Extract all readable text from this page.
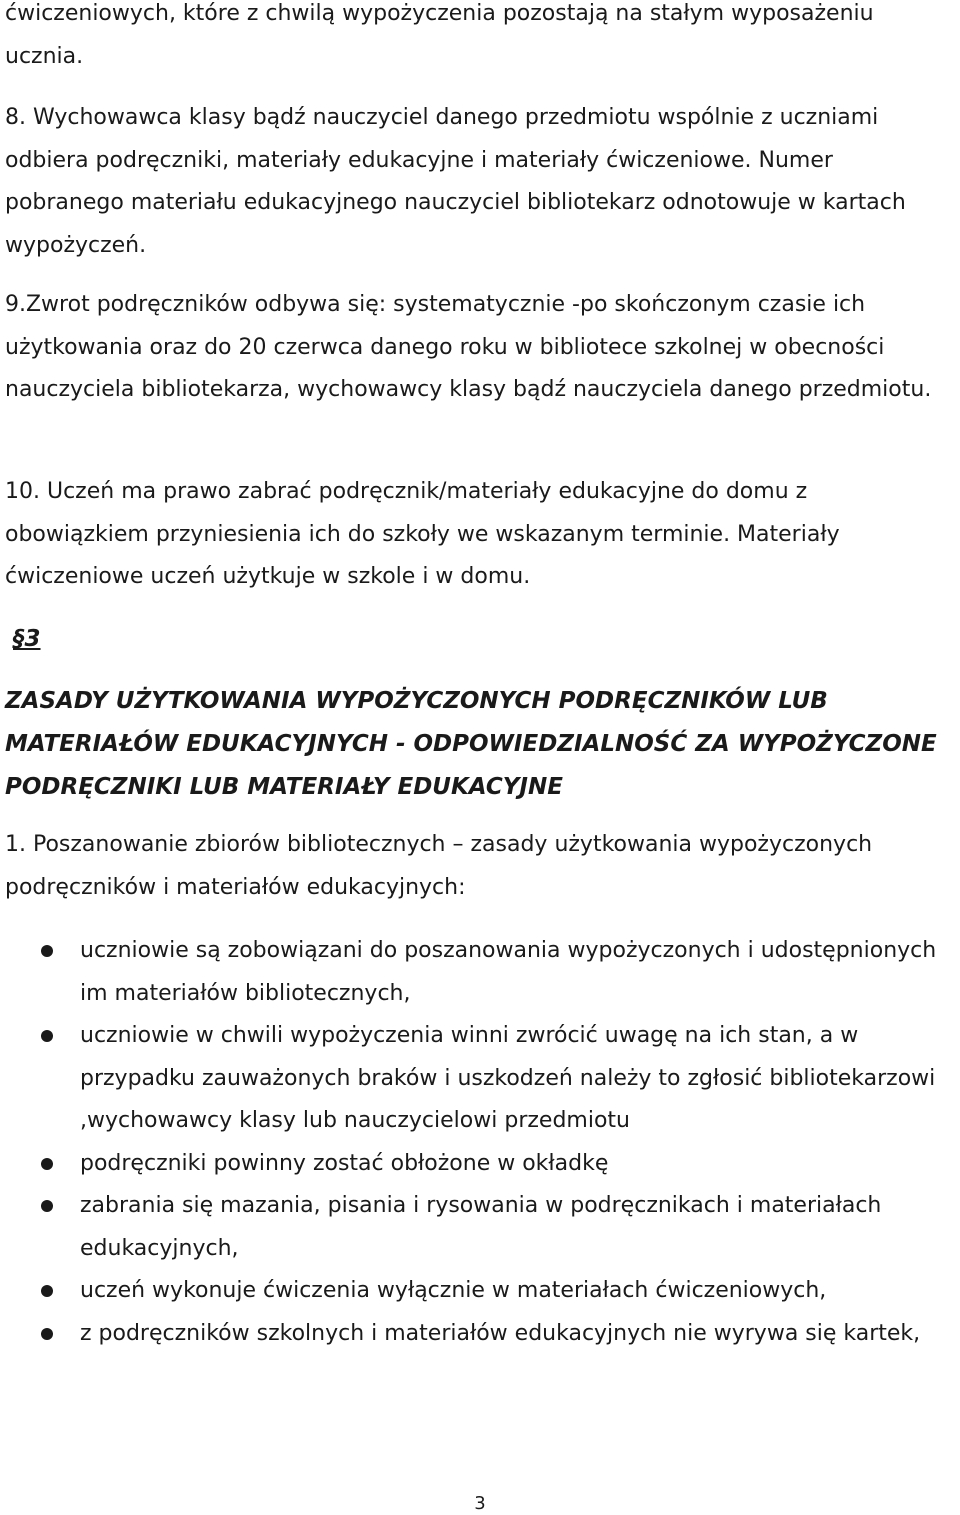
ćwiczeniowych, które z chwilą wypożyczenia pozostają na stałym wyposażeniu ucznia.

8. Wychowawca klasy bądź nauczyciel danego przedmiotu wspólnie z uczniami odbiera podręczniki, materiały edukacyjne i materiały ćwiczeniowe. Numer pobranego materiału edukacyjnego nauczyciel bibliotekarz odnotowuje w kartach wypożyczeń.

9.Zwrot podręczników odbywa się: systematycznie -po skończonym czasie ich użytkowania oraz do 20 czerwca danego roku w bibliotece szkolnej w obecności nauczyciela bibliotekarza, wychowawcy klasy bądź nauczyciela danego przedmiotu.

10. Uczeń ma prawo zabrać podręcznik/materiały edukacyjne do domu z obowiązkiem przyniesienia ich do szkoły we wskazanym terminie. Materiały ćwiczeniowe uczeń użytkuje w szkole i w domu.

§3

ZASADY UŻYTKOWANIA WYPOŻYCZONYCH PODRĘCZNIKÓW LUB MATERIAŁÓW EDUKACYJNYCH - ODPOWIEDZIALNOŚĆ ZA WYPOŻYCZONE PODRĘCZNIKI LUB MATERIAŁY EDUKACYJNE

1. Poszanowanie zbiorów bibliotecznych – zasady użytkowania wypożyczonych podręczników i materiałów edukacyjnych:

uczniowie są zobowiązani do poszanowania wypożyczonych i udostępnionych im materiałów bibliotecznych,
uczniowie w chwili wypożyczenia winni zwrócić uwagę na ich stan, a w przypadku zauważonych braków i uszkodzeń należy to zgłosić bibliotekarzowi ,wychowawcy klasy lub nauczycielowi przedmiotu
podręczniki powinny zostać obłożone w okładkę
zabrania się mazania, pisania i rysowania w podręcznikach i materiałach edukacyjnych,
uczeń wykonuje ćwiczenia wyłącznie w materiałach ćwiczeniowych,
z podręczników szkolnych i materiałów edukacyjnych nie wyrywa się kartek,

3
